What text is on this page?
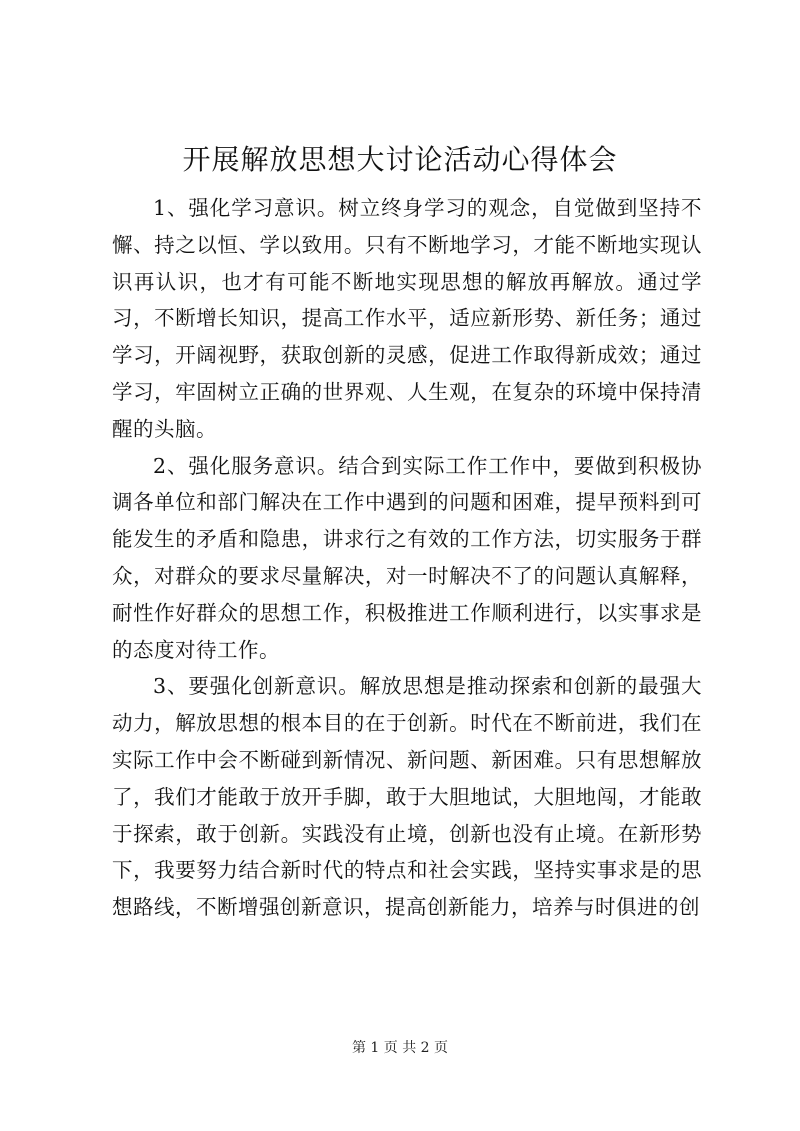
开展解放思想大讨论活动心得体会

1、强化学习意识。树立终身学习的观念，自觉做到坚持不懈、持之以恒、学以致用。只有不断地学习，才能不断地实现认识再认识，也才有可能不断地实现思想的解放再解放。通过学习，不断增长知识，提高工作水平，适应新形势、新任务；通过学习，开阔视野，获取创新的灵感，促进工作取得新成效；通过学习，牢固树立正确的世界观、人生观，在复杂的环境中保持清醒的头脑。

2、强化服务意识。结合到实际工作工作中，要做到积极协调各单位和部门解决在工作中遇到的问题和困难，提早预料到可能发生的矛盾和隐患，讲求行之有效的工作方法，切实服务于群众，对群众的要求尽量解决，对一时解决不了的问题认真解释，耐性作好群众的思想工作，积极推进工作顺利进行，以实事求是的态度对待工作。

3、要强化创新意识。解放思想是推动探索和创新的最强大动力，解放思想的根本目的在于创新。时代在不断前进，我们在实际工作中会不断碰到新情况、新问题、新困难。只有思想解放了，我们才能敢于放开手脚，敢于大胆地试，大胆地闯，才能敢于探索，敢于创新。实践没有止境，创新也没有止境。在新形势下，我要努力结合新时代的特点和社会实践，坚持实事求是的思想路线，不断增强创新意识，提高创新能力，培养与时俱进的创

第 1 页 共 2 页
